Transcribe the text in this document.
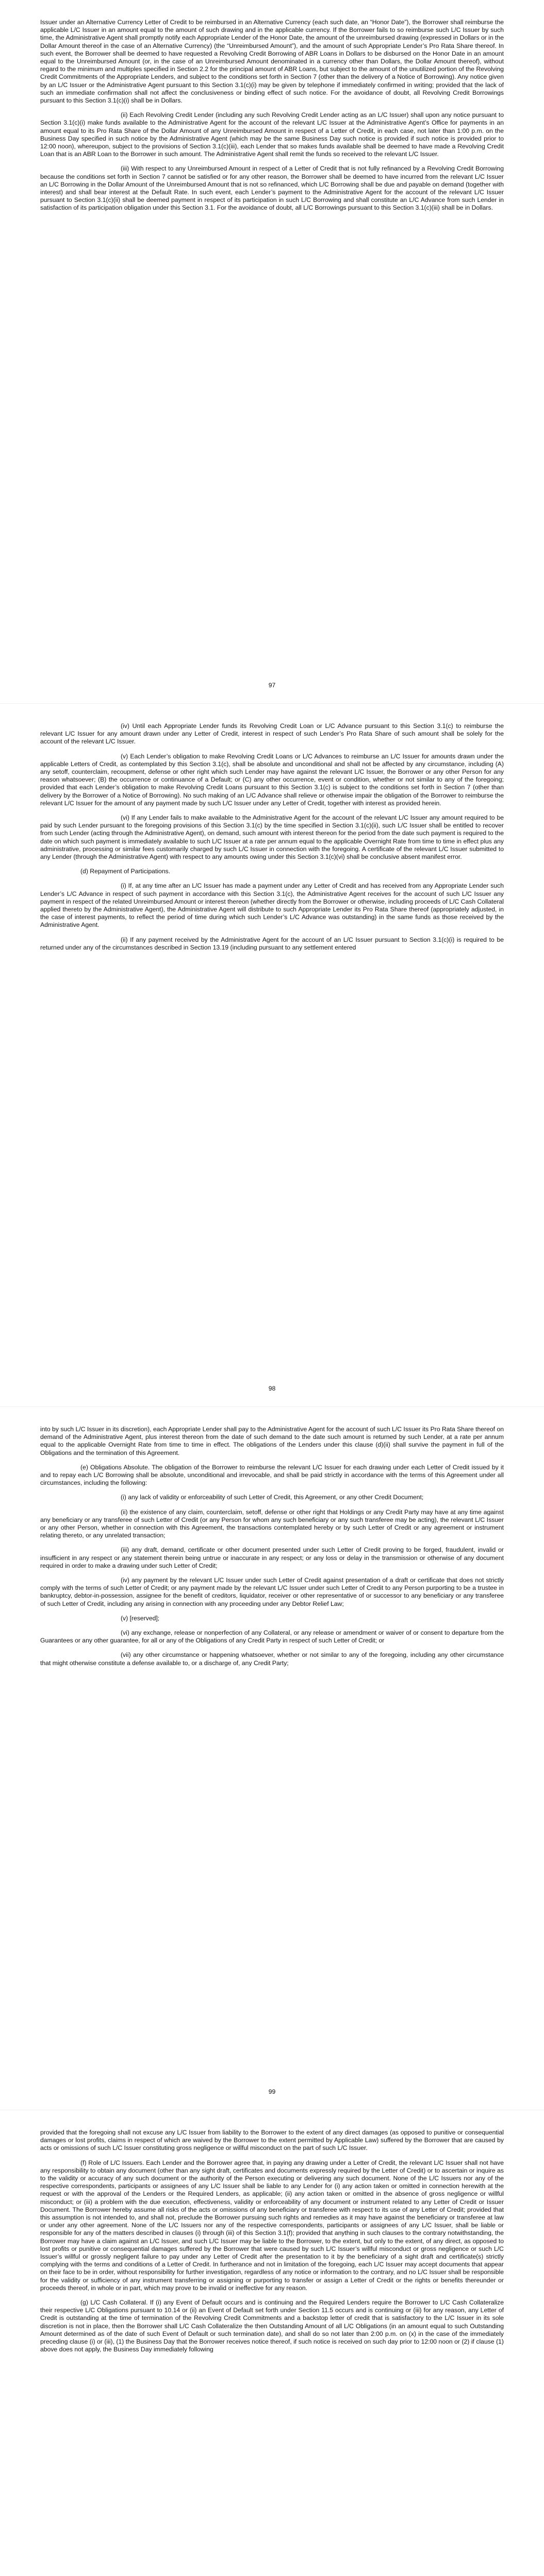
Issuer under an Alternative Currency Letter of Credit to be reimbursed in an Alternative Currency (each such date, an “Honor Date”), the Borrower shall reimburse the applicable L/C Issuer in an amount equal to the amount of such drawing and in the applicable currency. If the Borrower fails to so reimburse such L/C Issuer by such time, the Administrative Agent shall promptly notify each Appropriate Lender of the Honor Date, the amount of the unreimbursed drawing (expressed in Dollars or in the Dollar Amount thereof in the case of an Alternative Currency) (the “Unreimbursed Amount”), and the amount of such Appropriate Lender’s Pro Rata Share thereof. In such event, the Borrower shall be deemed to have requested a Revolving Credit Borrowing of ABR Loans in Dollars to be disbursed on the Honor Date in an amount equal to the Unreimbursed Amount (or, in the case of an Unreimbursed Amount denominated in a currency other than Dollars, the Dollar Amount thereof), without regard to the minimum and multiples specified in Section 2.2 for the principal amount of ABR Loans, but subject to the amount of the unutilized portion of the Revolving Credit Commitments of the Appropriate Lenders, and subject to the conditions set forth in Section 7 (other than the delivery of a Notice of Borrowing). Any notice given by an L/C Issuer or the Administrative Agent pursuant to this Section 3.1(c)(i) may be given by telephone if immediately confirmed in writing; provided that the lack of such an immediate confirmation shall not affect the conclusiveness or binding effect of such notice. For the avoidance of doubt, all Revolving Credit Borrowings pursuant to this Section 3.1(c)(i) shall be in Dollars.

(ii) Each Revolving Credit Lender (including any such Revolving Credit Lender acting as an L/C Issuer) shall upon any notice pursuant to Section 3.1(c)(i) make funds available to the Administrative Agent for the account of the relevant L/C Issuer at the Administrative Agent’s Office for payments in an amount equal to its Pro Rata Share of the Dollar Amount of any Unreimbursed Amount in respect of a Letter of Credit, in each case, not later than 1:00 p.m. on the Business Day specified in such notice by the Administrative Agent (which may be the same Business Day such notice is provided if such notice is provided prior to 12:00 noon), whereupon, subject to the provisions of Section 3.1(c)(iii), each Lender that so makes funds available shall be deemed to have made a Revolving Credit Loan that is an ABR Loan to the Borrower in such amount. The Administrative Agent shall remit the funds so received to the relevant L/C Issuer.

(iii) With respect to any Unreimbursed Amount in respect of a Letter of Credit that is not fully refinanced by a Revolving Credit Borrowing because the conditions set forth in Section 7 cannot be satisfied or for any other reason, the Borrower shall be deemed to have incurred from the relevant L/C Issuer an L/C Borrowing in the Dollar Amount of the Unreimbursed Amount that is not so refinanced, which L/C Borrowing shall be due and payable on demand (together with interest) and shall bear interest at the Default Rate. In such event, each Lender’s payment to the Administrative Agent for the account of the relevant L/C Issuer pursuant to Section 3.1(c)(ii) shall be deemed payment in respect of its participation in such L/C Borrowing and shall constitute an L/C Advance from such Lender in satisfaction of its participation obligation under this Section 3.1. For the avoidance of doubt, all L/C Borrowings pursuant to this Section 3.1(c)(iii) shall be in Dollars.

97

(iv) Until each Appropriate Lender funds its Revolving Credit Loan or L/C Advance pursuant to this Section 3.1(c) to reimburse the relevant L/C Issuer for any amount drawn under any Letter of Credit, interest in respect of such Lender’s Pro Rata Share of such amount shall be solely for the account of the relevant L/C Issuer.

(v) Each Lender’s obligation to make Revolving Credit Loans or L/C Advances to reimburse an L/C Issuer for amounts drawn under the applicable Letters of Credit, as contemplated by this Section 3.1(c), shall be absolute and unconditional and shall not be affected by any circumstance, including (A) any setoff, counterclaim, recoupment, defense or other right which such Lender may have against the relevant L/C Issuer, the Borrower or any other Person for any reason whatsoever; (B) the occurrence or continuance of a Default; or (C) any other occurrence, event or condition, whether or not similar to any of the foregoing; provided that each Lender’s obligation to make Revolving Credit Loans pursuant to this Section 3.1(c) is subject to the conditions set forth in Section 7 (other than delivery by the Borrower of a Notice of Borrowing). No such making of an L/C Advance shall relieve or otherwise impair the obligation of the Borrower to reimburse the relevant L/C Issuer for the amount of any payment made by such L/C Issuer under any Letter of Credit, together with interest as provided herein.

(vi) If any Lender fails to make available to the Administrative Agent for the account of the relevant L/C Issuer any amount required to be paid by such Lender pursuant to the foregoing provisions of this Section 3.1(c) by the time specified in Section 3.1(c)(ii), such L/C Issuer shall be entitled to recover from such Lender (acting through the Administrative Agent), on demand, such amount with interest thereon for the period from the date such payment is required to the date on which such payment is immediately available to such L/C Issuer at a rate per annum equal to the applicable Overnight Rate from time to time in effect plus any administrative, processing or similar fees customarily charged by such L/C Issuer in connection with the foregoing. A certificate of the relevant L/C Issuer submitted to any Lender (through the Administrative Agent) with respect to any amounts owing under this Section 3.1(c)(vi) shall be conclusive absent manifest error.

(d) Repayment of Participations.

(i) If, at any time after an L/C Issuer has made a payment under any Letter of Credit and has received from any Appropriate Lender such Lender’s L/C Advance in respect of such payment in accordance with this Section 3.1(c), the Administrative Agent receives for the account of such L/C Issuer any payment in respect of the related Unreimbursed Amount or interest thereon (whether directly from the Borrower or otherwise, including proceeds of L/C Cash Collateral applied thereto by the Administrative Agent), the Administrative Agent will distribute to such Appropriate Lender its Pro Rata Share thereof (appropriately adjusted, in the case of interest payments, to reflect the period of time during which such Lender’s L/C Advance was outstanding) in the same funds as those received by the Administrative Agent.

(ii) If any payment received by the Administrative Agent for the account of an L/C Issuer pursuant to Section 3.1(c)(i) is required to be returned under any of the circumstances described in Section 13.19 (including pursuant to any settlement entered

98

into by such L/C Issuer in its discretion), each Appropriate Lender shall pay to the Administrative Agent for the account of such L/C Issuer its Pro Rata Share thereof on demand of the Administrative Agent, plus interest thereon from the date of such demand to the date such amount is returned by such Lender, at a rate per annum equal to the applicable Overnight Rate from time to time in effect. The obligations of the Lenders under this clause (d)(ii) shall survive the payment in full of the Obligations and the termination of this Agreement.

(e) Obligations Absolute. The obligation of the Borrower to reimburse the relevant L/C Issuer for each drawing under each Letter of Credit issued by it and to repay each L/C Borrowing shall be absolute, unconditional and irrevocable, and shall be paid strictly in accordance with the terms of this Agreement under all circumstances, including the following:

(i) any lack of validity or enforceability of such Letter of Credit, this Agreement, or any other Credit Document;

(ii) the existence of any claim, counterclaim, setoff, defense or other right that Holdings or any Credit Party may have at any time against any beneficiary or any transferee of such Letter of Credit (or any Person for whom any such beneficiary or any such transferee may be acting), the relevant L/C Issuer or any other Person, whether in connection with this Agreement, the transactions contemplated hereby or by such Letter of Credit or any agreement or instrument relating thereto, or any unrelated transaction;

(iii) any draft, demand, certificate or other document presented under such Letter of Credit proving to be forged, fraudulent, invalid or insufficient in any respect or any statement therein being untrue or inaccurate in any respect; or any loss or delay in the transmission or otherwise of any document required in order to make a drawing under such Letter of Credit;

(iv) any payment by the relevant L/C Issuer under such Letter of Credit against presentation of a draft or certificate that does not strictly comply with the terms of such Letter of Credit; or any payment made by the relevant L/C Issuer under such Letter of Credit to any Person purporting to be a trustee in bankruptcy, debtor-in-possession, assignee for the benefit of creditors, liquidator, receiver or other representative of or successor to any beneficiary or any transferee of such Letter of Credit, including any arising in connection with any proceeding under any Debtor Relief Law;

(v) [reserved];

(vi) any exchange, release or nonperfection of any Collateral, or any release or amendment or waiver of or consent to departure from the Guarantees or any other guarantee, for all or any of the Obligations of any Credit Party in respect of such Letter of Credit; or

(vii) any other circumstance or happening whatsoever, whether or not similar to any of the foregoing, including any other circumstance that might otherwise constitute a defense available to, or a discharge of, any Credit Party;

99

provided that the foregoing shall not excuse any L/C Issuer from liability to the Borrower to the extent of any direct damages (as opposed to punitive or consequential damages or lost profits, claims in respect of which are waived by the Borrower to the extent permitted by Applicable Law) suffered by the Borrower that are caused by acts or omissions of such L/C Issuer constituting gross negligence or willful misconduct on the part of such L/C Issuer.

(f) Role of L/C Issuers. Each Lender and the Borrower agree that, in paying any drawing under a Letter of Credit, the relevant L/C Issuer shall not have any responsibility to obtain any document (other than any sight draft, certificates and documents expressly required by the Letter of Credit) or to ascertain or inquire as to the validity or accuracy of any such document or the authority of the Person executing or delivering any such document. None of the L/C Issuers nor any of the respective correspondents, participants or assignees of any L/C Issuer shall be liable to any Lender for (i) any action taken or omitted in connection herewith at the request or with the approval of the Lenders or the Required Lenders, as applicable; (ii) any action taken or omitted in the absence of gross negligence or willful misconduct; or (iii) a problem with the due execution, effectiveness, validity or enforceability of any document or instrument related to any Letter of Credit or Issuer Document. The Borrower hereby assume all risks of the acts or omissions of any beneficiary or transferee with respect to its use of any Letter of Credit; provided that this assumption is not intended to, and shall not, preclude the Borrower pursuing such rights and remedies as it may have against the beneficiary or transferee at law or under any other agreement. None of the L/C Issuers nor any of the respective correspondents, participants or assignees of any L/C Issuer, shall be liable or responsible for any of the matters described in clauses (i) through (iii) of this Section 3.1(f); provided that anything in such clauses to the contrary notwithstanding, the Borrower may have a claim against an L/C Issuer, and such L/C Issuer may be liable to the Borrower, to the extent, but only to the extent, of any direct, as opposed to lost profits or punitive or consequential damages suffered by the Borrower that were caused by such L/C Issuer’s willful misconduct or gross negligence or such L/C Issuer’s willful or grossly negligent failure to pay under any Letter of Credit after the presentation to it by the beneficiary of a sight draft and certificate(s) strictly complying with the terms and conditions of a Letter of Credit. In furtherance and not in limitation of the foregoing, each L/C Issuer may accept documents that appear on their face to be in order, without responsibility for further investigation, regardless of any notice or information to the contrary, and no L/C Issuer shall be responsible for the validity or sufficiency of any instrument transferring or assigning or purporting to transfer or assign a Letter of Credit or the rights or benefits thereunder or proceeds thereof, in whole or in part, which may prove to be invalid or ineffective for any reason.

(g) L/C Cash Collateral. If (i) any Event of Default occurs and is continuing and the Required Lenders require the Borrower to L/C Cash Collateralize their respective L/C Obligations pursuant to 10.14 or (ii) an Event of Default set forth under Section 11.5 occurs and is continuing or (iii) for any reason, any Letter of Credit is outstanding at the time of termination of the Revolving Credit Commitments and a backstop letter of credit that is satisfactory to the L/C Issuer in its sole discretion is not in place, then the Borrower shall L/C Cash Collateralize the then Outstanding Amount of all L/C Obligations (in an amount equal to such Outstanding Amount determined as of the date of such Event of Default or such termination date), and shall do so not later than 2:00 p.m. on (x) in the case of the immediately preceding clause (i) or (iii), (1) the Business Day that the Borrower receives notice thereof, if such notice is received on such day prior to 12:00 noon or (2) if clause (1) above does not apply, the Business Day immediately following
